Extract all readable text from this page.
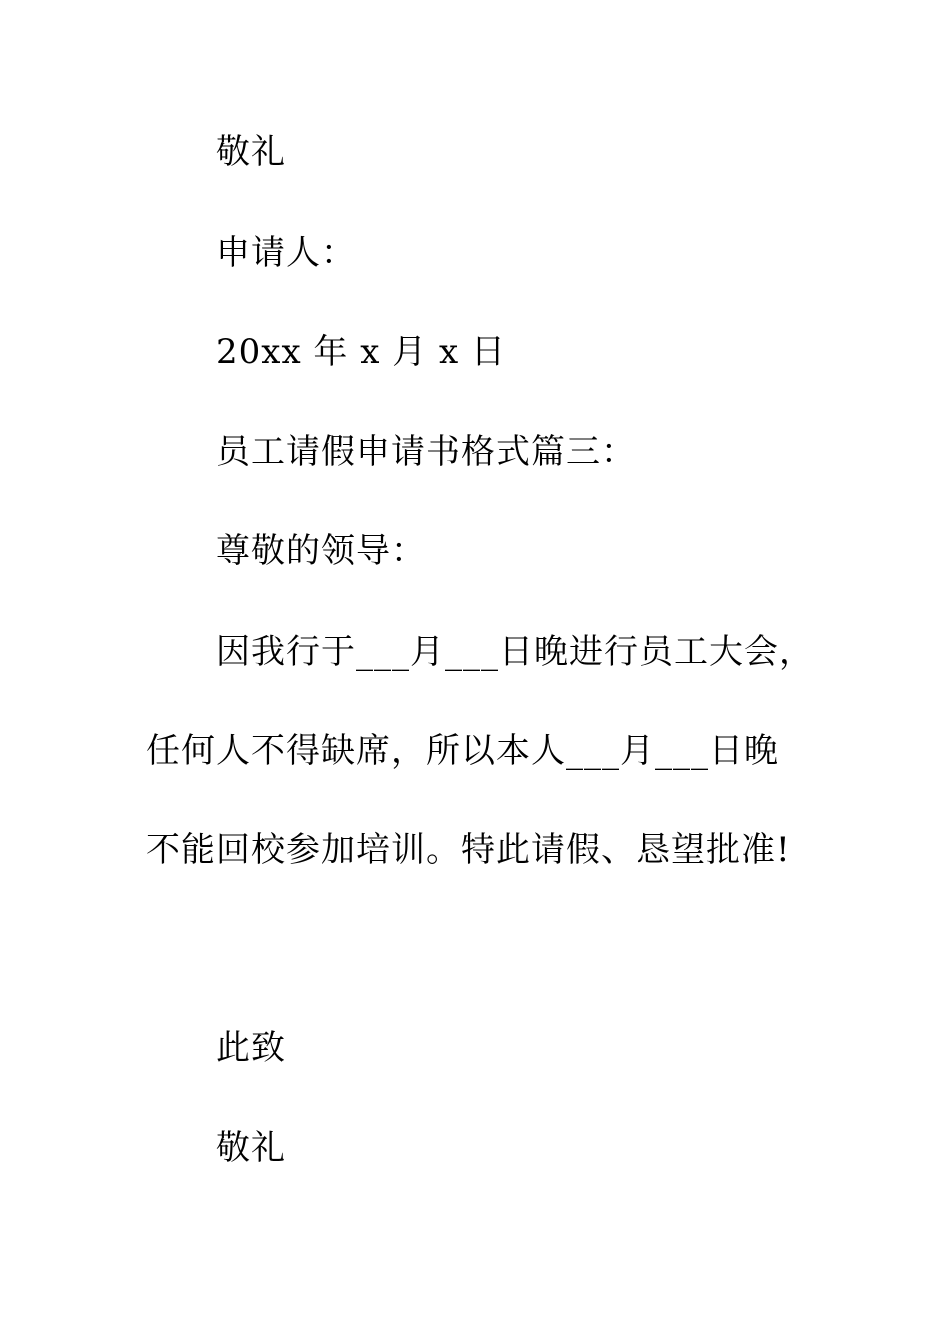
敬礼
申请人：
20xx 年 x 月 x 日
员工请假申请书格式篇三：
尊敬的领导：
因我行于___月___日晚进行员工大会，
任何人不得缺席，所以本人___月___日晚
不能回校参加培训。特此请假、恳望批准!
此致
敬礼
